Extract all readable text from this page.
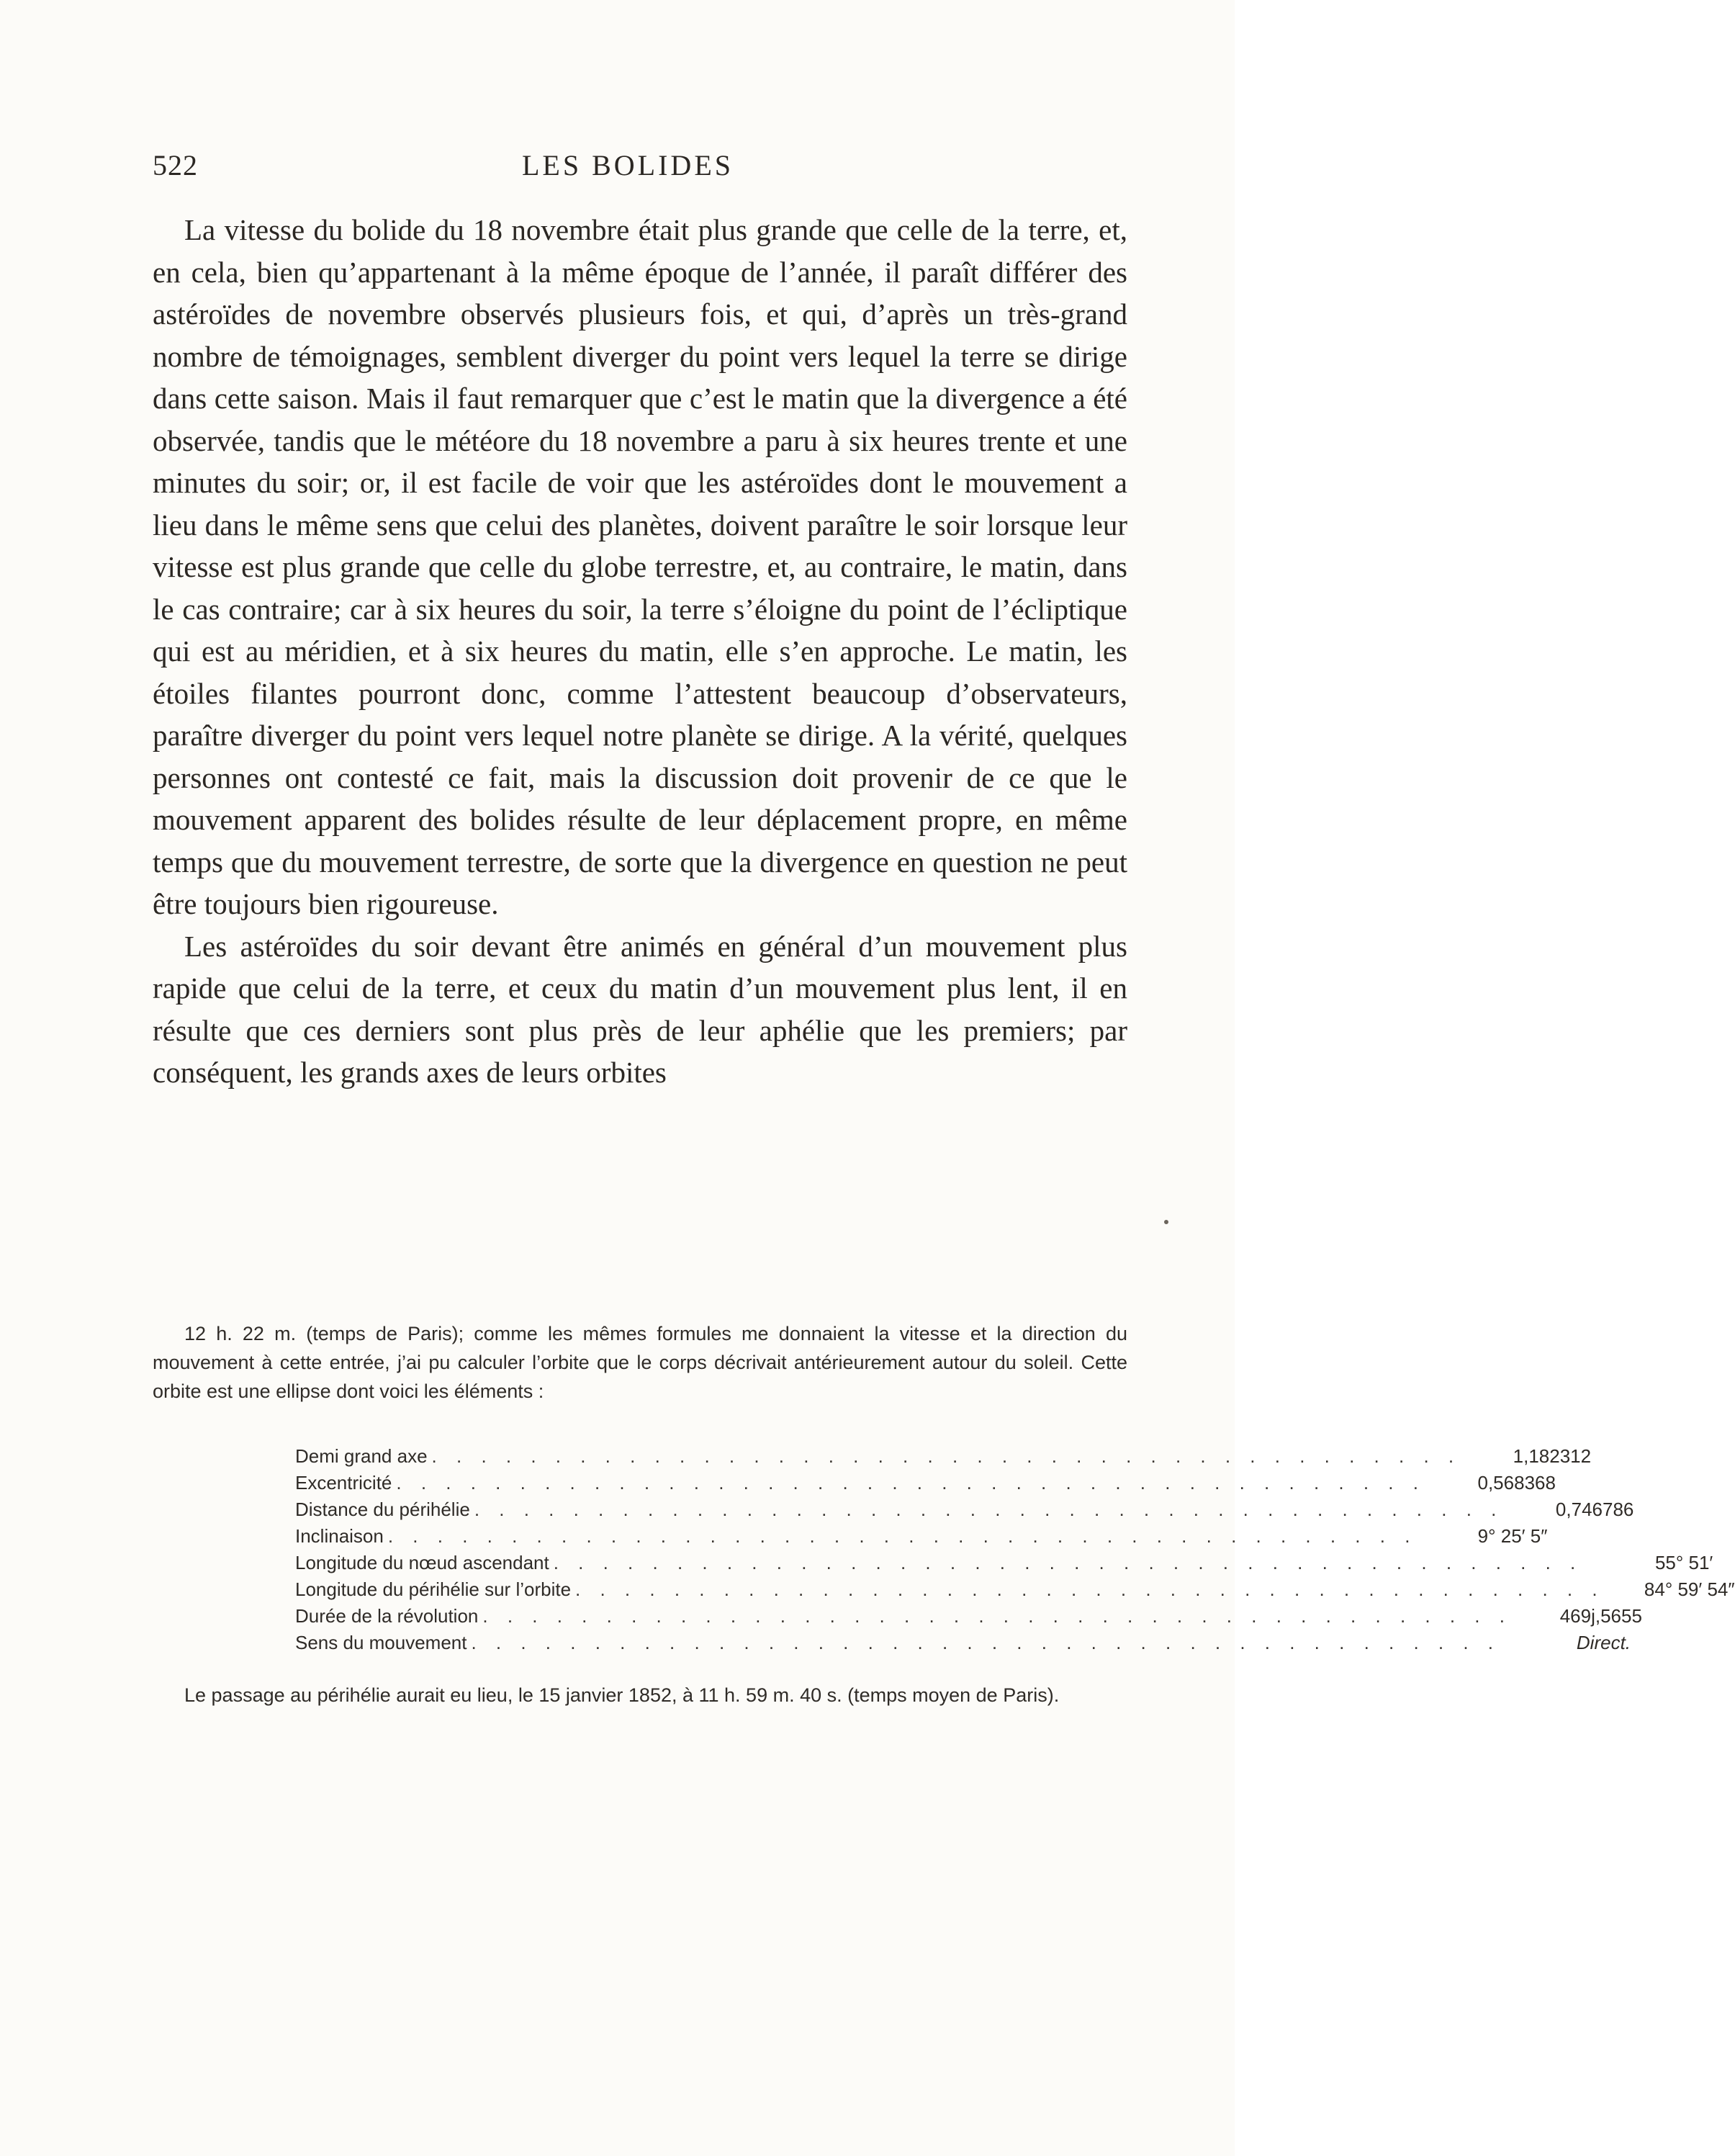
522	LES BOLIDES

La vitesse du bolide du 18 novembre était plus grande que celle de la terre, et, en cela, bien qu’appartenant à la même époque de l’année, il paraît différer des astéroïdes de novembre observés plusieurs fois, et qui, d’après un très-grand nombre de témoignages, semblent diverger du point vers lequel la terre se dirige dans cette saison. Mais il faut remarquer que c’est le matin que la divergence a été observée, tandis que le météore du 18 novembre a paru à six heures trente et une minutes du soir; or, il est facile de voir que les astéroïdes dont le mouvement a lieu dans le même sens que celui des planètes, doivent paraître le soir lorsque leur vitesse est plus grande que celle du globe terrestre, et, au contraire, le matin, dans le cas contraire; car à six heures du soir, la terre s’éloigne du point de l’écliptique qui est au méridien, et à six heures du matin, elle s’en approche. Le matin, les étoiles filantes pourront donc, comme l’attestent beaucoup d’observateurs, paraître diverger du point vers lequel notre planète se dirige. A la vérité, quelques personnes ont contesté ce fait, mais la discussion doit provenir de ce que le mouvement apparent des bolides résulte de leur déplacement propre, en même temps que du mouvement terrestre, de sorte que la divergence en question ne peut être toujours bien rigoureuse.

Les astéroïdes du soir devant être animés en général d’un mouvement plus rapide que celui de la terre, et ceux du matin d’un mouvement plus lent, il en résulte que ces derniers sont plus près de leur aphélie que les premiers; par conséquent, les grands axes de leurs orbites

12 h. 22 m. (temps de Paris); comme les mêmes formules me donnaient la vitesse et la direction du mouvement à cette entrée, j’ai pu calculer l’orbite que le corps décrivait antérieurement autour du soleil. Cette orbite est une ellipse dont voici les éléments :

Demi grand axe . . . . . . . . . . . . . . . . . . . . . . . . . . . . . . . . . . . . . . . . . .	1,182312
Excentricité . . . . . . . . . . . . . . . . . . . . . . . . . . . . . . . . . . . . . . . . . .	0,568368
Distance du périhélie . . . . . . . . . . . . . . . . . . . . . . . . . . . . . . . . . . . . . . . . . .	0,746786
Inclinaison . . . . . . . . . . . . . . . . . . . . . . . . . . . . . . . . . . . . . . . . . .	9° 25′ 5″
Longitude du nœud ascendant . . . . . . . . . . . . . . . . . . . . . . . . . . . . . . . . . . . . . . . . . .	55° 51′
Longitude du périhélie sur l’orbite . . . . . . . . . . . . . . . . . . . . . . . . . . . . . . . . . . . . . . . . . .	84° 59′ 54″
Durée de la révolution . . . . . . . . . . . . . . . . . . . . . . . . . . . . . . . . . . . . . . . . . .	469j,5655
Sens du mouvement . . . . . . . . . . . . . . . . . . . . . . . . . . . . . . . . . . . . . . . . . .	Direct.

Le passage au périhélie aurait eu lieu, le 15 janvier 1852, à 11 h. 59 m. 40 s. (temps moyen de Paris).
